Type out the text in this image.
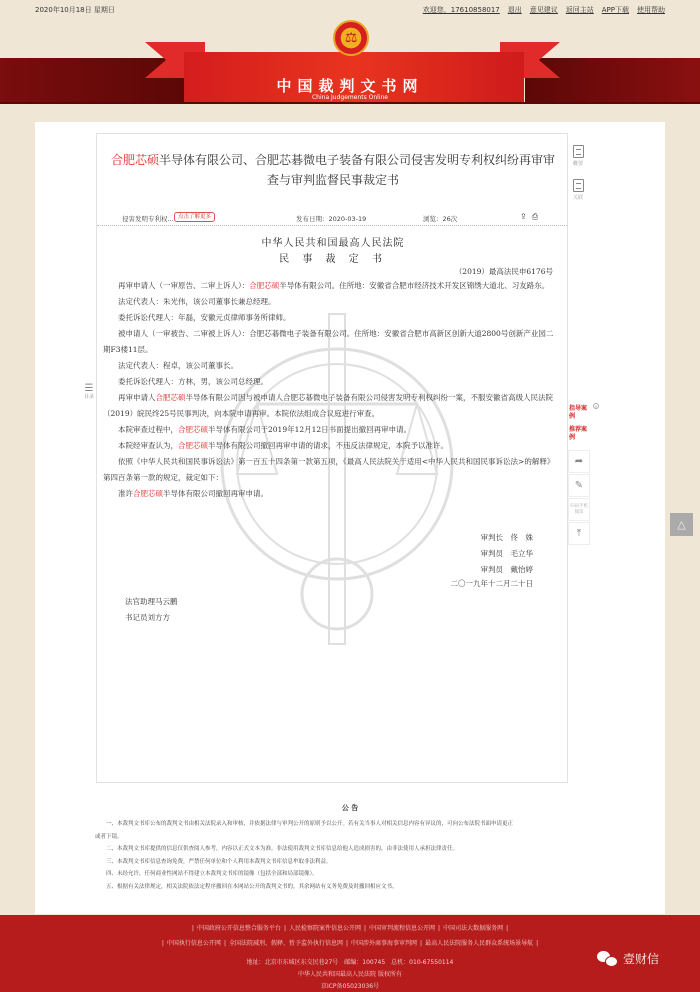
⚖
中国裁判文书网
China Judgements Online
2020年10月18日 星期日	欢迎您，17610858017 退出 意见建议 返回主站 APP下载 使用帮助
☰
目录
合肥芯硕半导体有限公司、合肥芯碁微电子装备有限公司侵害发明专利权纠纷再审审查与审判监督民事裁定书
侵害发明专利权... 点击了解更多	发布日期：2020-03-19	浏览：26次	⇪ ⎙
中华人民共和国最高人民法院
民 事 裁 定 书
（2019）最高法民申6176号

再审申请人（一审原告、二审上诉人）：合肥芯硕半导体有限公司。住所地：安徽省合肥市经济技术开发区锦绣大道北、习友路东。

法定代表人：朱光伟，该公司董事长兼总经理。

委托诉讼代理人：年磊，安徽元贞律师事务所律师。

被申请人（一审被告、二审被上诉人）：合肥芯碁微电子装备有限公司。住所地：安徽省合肥市高新区创新大道2800号创新产业园二期F3楼11层。

法定代表人：程卓，该公司董事长。

委托诉讼代理人：方林，男，该公司总经理。

再审申请人合肥芯硕半导体有限公司因与被申请人合肥芯碁微电子装备有限公司侵害发明专利权纠纷一案，不服安徽省高级人民法院（2019）皖民终25号民事判决，向本院申请再审。本院依法组成合议庭进行审查。

本院审查过程中，合肥芯硕半导体有限公司于2019年12月12日书面提出撤回再审申请。

本院经审查认为，合肥芯硕半导体有限公司撤回再审申请的请求，不违反法律规定，本院予以准许。

依照《中华人民共和国民事诉讼法》第一百五十四条第一款第五项，《最高人民法院关于适用<中华人民共和国民事诉讼法>的解释》第四百条第一款的规定，裁定如下：

准许合肥芯硕半导体有限公司撤回再审申请。

审判长　佟　姝
审判员　毛立华
审判员　戴怡婷
二〇一九年十二月二十日
法官助理马云鹏
书记员刘方方
概要
关联
×
指导案例
推荐案例
➦
✎
扫码手机阅读
⤒
△
公 告

一、本裁判文书库公布的裁判文书由相关法院录入和审核，并依据法律与审判公开的原则予以公开。若有关当事人对相关信息内容有异议的，可向公布法院书面申请更正或者下镜。

二、本裁判文书库提供的信息仅供查阅人参考，内容以正式文本为准。非法使用裁判文书库信息给他人造成损害的，由非法使用人承担法律责任。

三、本裁判文书库信息查询免费，严禁任何单位和个人利用本裁判文书库信息牟取非法利益。

四、未经允许，任何商业性网站不得建立本裁判文书库的镜像（包括全部和局部镜像）。

五、根据有关法律规定，相关法院依法定程序撤回在本网站公开的裁判文书的，其余网站有义务免费及时撤回相应文书。

| 中国政府公开信息整合服务平台 | 人民检察院案件信息公开网 | 中国审判流程信息公开网 | 中国司法大数据服务网 |
| 中国执行信息公开网 | 全国法院减刑、假释、暂予监外执行信息网 | 中国涉外商事海事审判网 | 最高人民法院服务人民群众系统场景导航 |
地址：北京市东城区东交民巷27号　邮编：100745　总机：010-67550114
中华人民共和国最高人民法院 版权所有
京ICP备05023036号
壹财信
